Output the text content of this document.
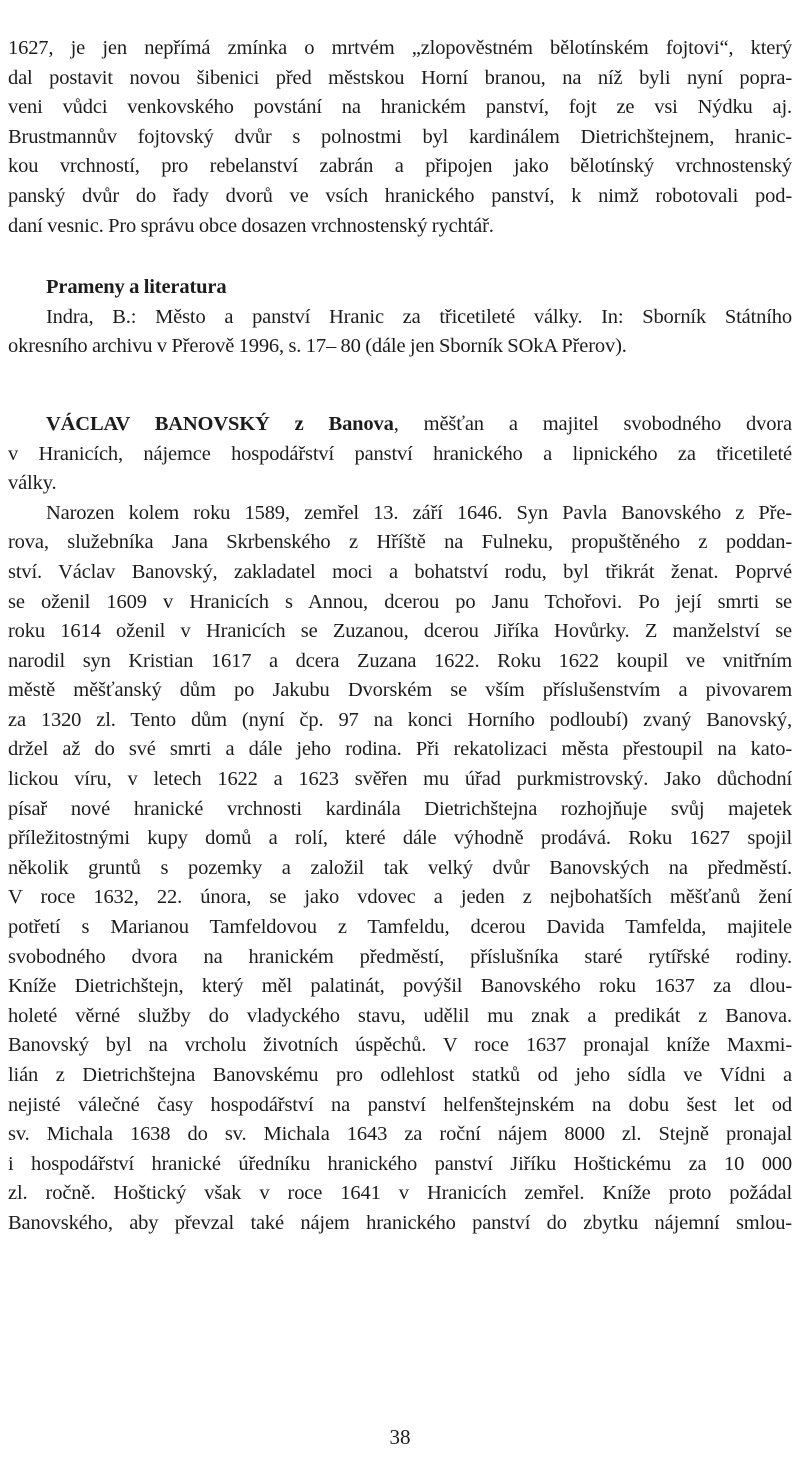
1627, je jen nepřímá zmínka o mrtvém „zlopověstném bělotínském fojtovi“, který
dal postavit novou šibenici před městskou Horní branou, na níž byli nyní popra-
veni vůdci venkovského povstání na hranickém panství, fojt ze vsi Nýdku aj.
Brustmannův fojtovský dvůr s polnostmi byl kardinálem Dietrichštejnem, hranic-
kou vrchností, pro rebelanství zabrán a připojen jako bělotínský vrchnostenský
panský dvůr do řady dvorů ve vsích hranického panství, k nimž robotovali pod-
daní vesnic. Pro správu obce dosazen vrchnostenský rychtář.
Prameny a literatura
Indra, B.: Město a panství Hranic za třicetileté války. In: Sborník Státního
okresního archivu v Přerově 1996, s. 17– 80 (dále jen Sborník SOkA Přerov).
VÁCLAV BANOVSKÝ z Banova, měšťan a majitel svobodného dvora
v Hranicích, nájemce hospodářství panství hranického a lipnického za třicetileté
války.
Narozen kolem roku 1589, zemřel 13. září 1646. Syn Pavla Banovského z Pře-
rova, služebníka Jana Skrbenského z Hříště na Fulneku, propuštěného z poddan-
ství. Václav Banovský, zakladatel moci a bohatství rodu, byl třikrát ženat. Poprvé
se oženil 1609 v Hranicích s Annou, dcerou po Janu Tchořovi. Po její smrti se
roku 1614 oženil v Hranicích se Zuzanou, dcerou Jiříka Hovůrky. Z manželství se
narodil syn Kristian 1617 a dcera Zuzana 1622. Roku 1622 koupil ve vnitřním
městě měšťanský dům po Jakubu Dvorském se vším příslušenstvím a pivovarem
za 1320 zl. Tento dům (nyní čp. 97 na konci Horního podloubí) zvaný Banovský,
držel až do své smrti a dále jeho rodina. Při rekatolizaci města přestoupil na kato-
lickou víru, v letech 1622 a 1623 svěřen mu úřad purkmistrovský. Jako důchodní
písař nové hranické vrchnosti kardinála Dietrichštejna rozhojňuje svůj majetek
příležitostnými kupy domů a rolí, které dále výhodně prodává. Roku 1627 spojil
několik gruntů s pozemky a založil tak velký dvůr Banovských na předměstí.
V roce 1632, 22. února, se jako vdovec a jeden z nejbohatších měšťanů žení
potřetí s Marianou Tamfeldovou z Tamfeldu, dcerou Davida Tamfelda, majitele
svobodného dvora na hranickém předměstí, příslušníka staré rytířské rodiny.
Kníže Dietrichštejn, který měl palatinát, povýšil Banovského roku 1637 za dlou-
holeté věrné služby do vladyckého stavu, udělil mu znak a predikát z Banova.
Banovský byl na vrcholu životních úspěchů. V roce 1637 pronajal kníže Maxmi-
lián z Dietrichštejna Banovskému pro odlehlost statků od jeho sídla ve Vídni a
nejisté válečné časy hospodářství na panství helfenštejnském na dobu šest let od
sv. Michala 1638 do sv. Michala 1643 za roční nájem 8000 zl. Stejně pronajal
i hospodářství hranické úředníku hranického panství Jiříku Hoštickému za 10 000
zl. ročně. Hoštický však v roce 1641 v Hranicích zemřel. Kníže proto požádal
Banovského, aby převzal také nájem hranického panství do zbytku nájemní smlou-
38
